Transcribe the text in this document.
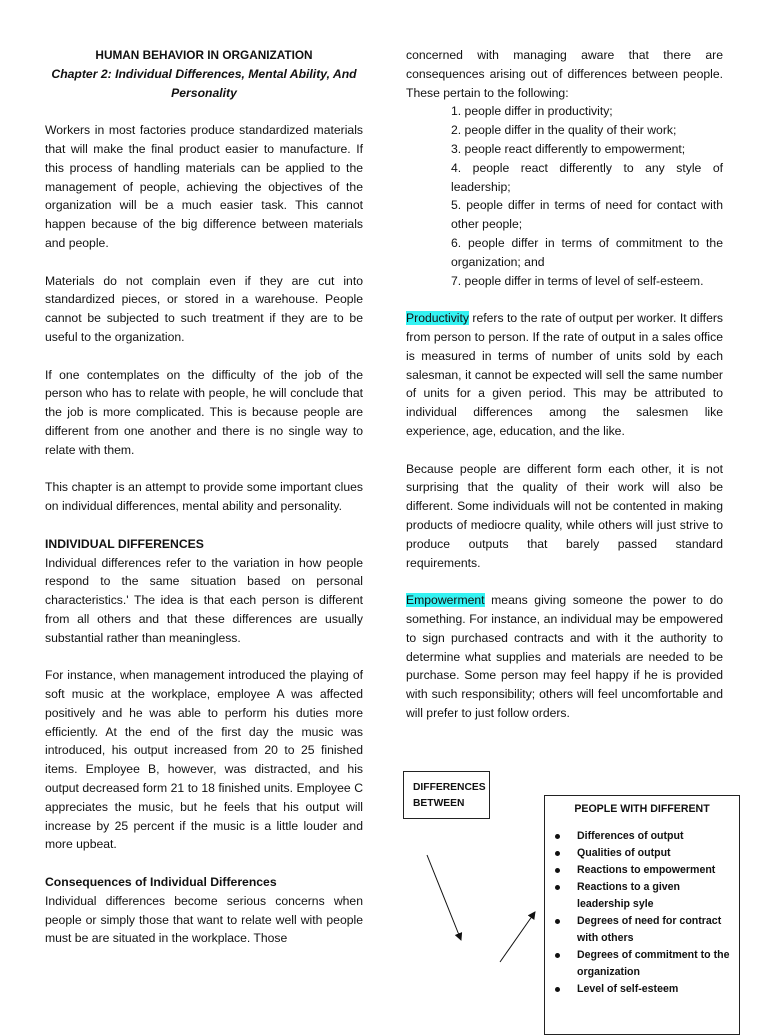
HUMAN BEHAVIOR IN ORGANIZATION

Chapter 2: Individual Differences, Mental Ability, And Personality

Workers in most factories produce standardized materials that will make the final product easier to manufacture. If this process of handling materials can be applied to the management of people, achieving the objectives of the organization will be a much easier task. This cannot happen because of the big difference between materials and people.

Materials do not complain even if they are cut into standardized pieces, or stored in a warehouse. People cannot be subjected to such treatment if they are to be useful to the organization.

If one contemplates on the difficulty of the job of the person who has to relate with people, he will conclude that the job is more complicated. This is because people are different from one another and there is no single way to relate with them.

This chapter is an attempt to provide some important clues on individual differences, mental ability and personality.

INDIVIDUAL DIFFERENCES

Individual differences refer to the variation in how people respond to the same situation based on personal characteristics.' The idea is that each person is different from all others and that these differences are usually substantial rather than meaningless.

For instance, when management introduced the playing of soft music at the workplace, employee A was affected positively and he was able to perform his duties more efficiently. At the end of the first day the music was introduced, his output increased from 20 to 25 finished items. Employee B, however, was distracted, and his output decreased form 21 to 18 finished units. Employee C appreciates the music, but he feels that his output will increase by 25 percent if the music is a little louder and more upbeat.

Consequences of Individual Differences

Individual differences become serious concerns when people or simply those that want to relate well with people must be are situated in the workplace. Those

concerned with managing aware that there are consequences arising out of differences between people. These pertain to the following:

1. people differ in productivity;
2. people differ in the quality of their work;
3. people react differently to empowerment;
4. people react differently to any style of leadership;
5. people differ in terms of need for contact with other people;
6. people differ in terms of commitment to the organization; and
7. people differ in terms of level of self-esteem.

Productivity refers to the rate of output per worker. It differs from person to person. If the rate of output in a sales office is measured in terms of number of units sold by each salesman, it cannot be expected will sell the same number of units for a given period. This may be attributed to individual differences among the salesmen like experience, age, education, and the like.

Because people are different form each other, it is not surprising that the quality of their work will also be different. Some individuals will not be contented in making products of mediocre quality, while others will just strive to produce outputs that barely passed standard requirements.

Empowerment means giving someone the power to do something. For instance, an individual may be empowered to sign purchased contracts and with it the authority to determine what supplies and materials are needed to be purchase. Some person may feel happy if he is provided with such responsibility; others will feel uncomfortable and will prefer to just follow orders.

DIFFERENCES
BETWEEN	PEOPLE WITH DIFFERENT

Differences of output
Qualities of output
Reactions to empowerment
Reactions to a given leadership syle
Degrees of need for contract with others
Degrees of commitment to the organization
Level of self-esteem
